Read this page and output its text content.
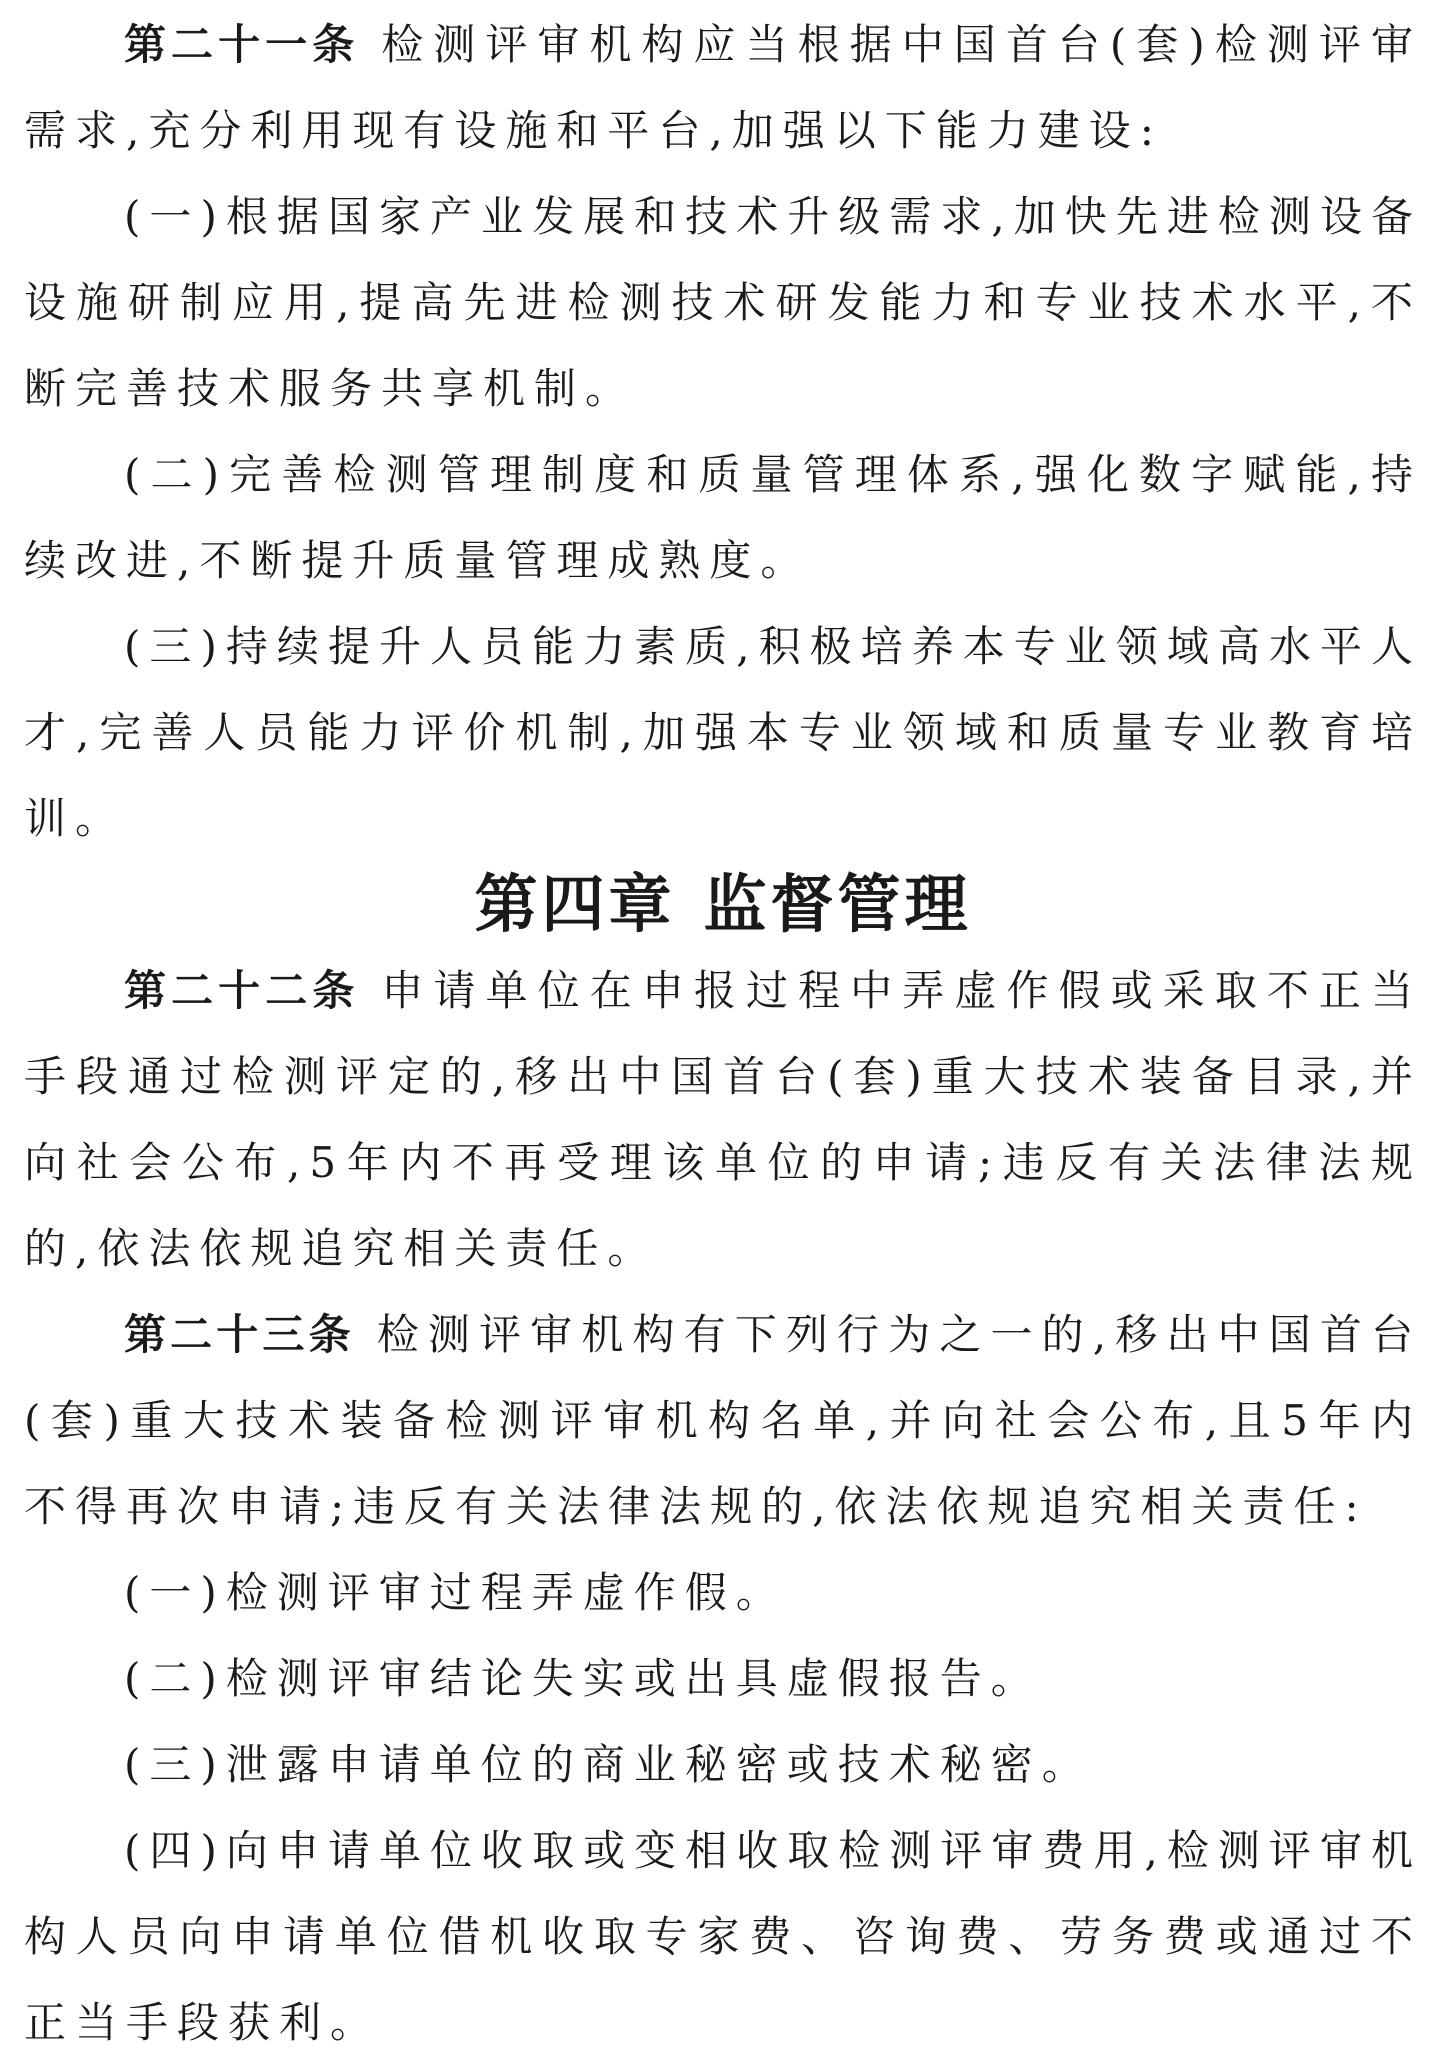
第二十一条 检测评审机构应当根据中国首台(套)检测评审需求,充分利用现有设施和平台,加强以下能力建设:

(一)根据国家产业发展和技术升级需求,加快先进检测设备设施研制应用,提高先进检测技术研发能力和专业技术水平,不断完善技术服务共享机制。

(二)完善检测管理制度和质量管理体系,强化数字赋能,持续改进,不断提升质量管理成熟度。

(三)持续提升人员能力素质,积极培养本专业领域高水平人才,完善人员能力评价机制,加强本专业领域和质量专业教育培训。

第四章 监督管理

第二十二条 申请单位在申报过程中弄虚作假或采取不正当手段通过检测评定的,移出中国首台(套)重大技术装备目录,并向社会公布,5年内不再受理该单位的申请;违反有关法律法规的,依法依规追究相关责任。

第二十三条 检测评审机构有下列行为之一的,移出中国首台(套)重大技术装备检测评审机构名单,并向社会公布,且5年内不得再次申请;违反有关法律法规的,依法依规追究相关责任:

(一)检测评审过程弄虚作假。

(二)检测评审结论失实或出具虚假报告。

(三)泄露申请单位的商业秘密或技术秘密。

(四)向申请单位收取或变相收取检测评审费用,检测评审机构人员向申请单位借机收取专家费、咨询费、劳务费或通过不正当手段获利。
